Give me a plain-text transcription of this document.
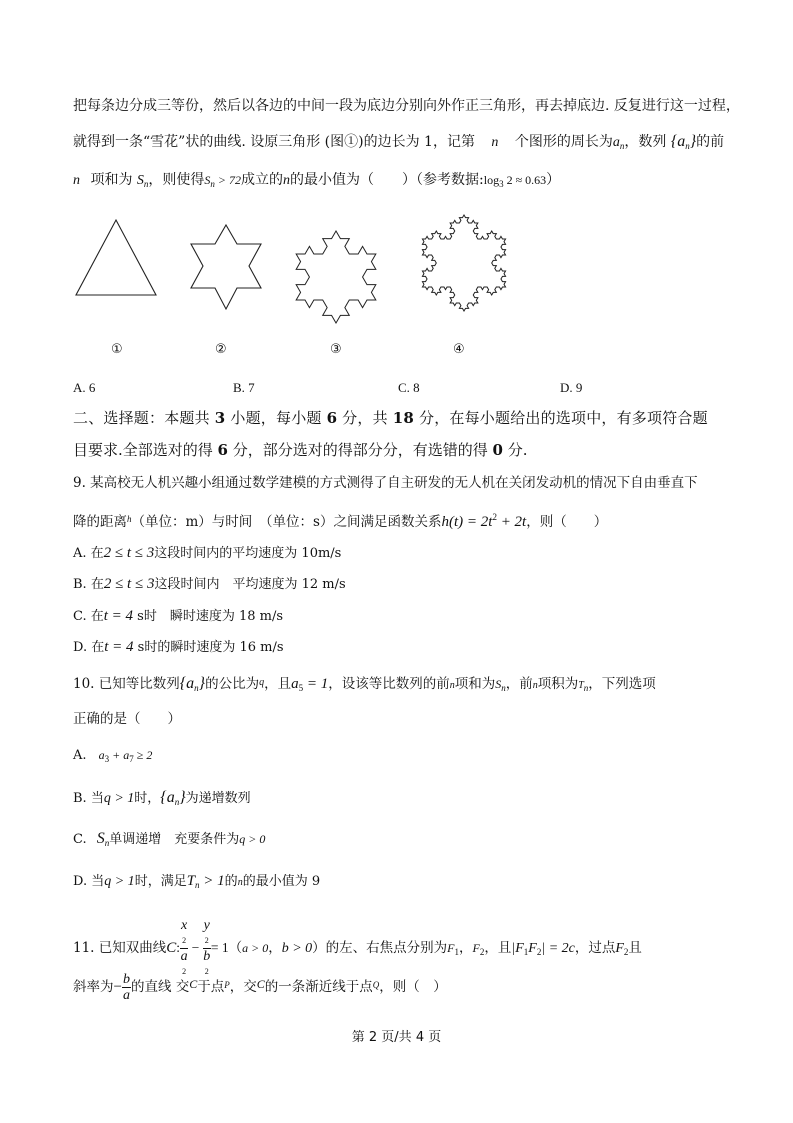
把每条边分成三等份，然后以各边的中间一段为底边分别向外作正三角形，再去掉底边. 反复进行这一过程，
就得到一条“雪花”状的曲线. 设原三角形 (图①)的边长为 1，记第 n 个图形的周长为$a_n$，数列 $\{a_n\}$的前
n 项和为 $S_n$，则使得$S_n > 72$成立的n的最小值为（　　）（参考数据$:\log_3$ 2 ≈ 0.63）
①	②	③	④
A. 6	B. 7	C. 8	D. 9
二、选择题：本题共 3 小题，每小题 6 分，共 18 分，在每小题给出的选项中，有多项符合题
目要求.全部选对的得 6 分，部分选对的得部分分，有选错的得 0 分.
9. 某高校无人机兴趣小组通过数学建模的方式测得了自主研发的无人机在关闭发动机的情况下自由垂直下
降的距离$^h$（单位：m）与时间　（单位：s）之间满足函数关系$h(t) = 2t^2 + 2t$，则（　　）
A. 在2 ≤ t ≤ 3这段时间内的平均速度为 10m/s
B. 在2 ≤ t ≤ 3这段时间内　平均速度为 12 m/s
C. 在t = 4 s时　瞬时速度为 18 m/s
D. 在t = 4 s时的瞬时速度为 16 m/s
10. 已知等比数列$\{a_n\}$的公比为$^q$，且$a_5 = 1$，设该等比数列的前n项和为$S_n$，前n项积为Tn，下列选项
正确的是（　　）
A. $a_3 + a_7 \ge 2$
B. 当q > 1时，$\{a_n\}$为递增数列
C. $S_n$单调递增　充要条件为q > 0
D. 当q > 1时，满足$T_n > 1$的n的最小值为 9
11. 已知双曲线C: x
2
a
2 − y
2
b
2 = 1（a > 0，b > 0）的左、右焦点分别为$F_1$，$F_2$，且$|F_1F_2| = 2c$，过点$F_2$且
斜率为− $\frac{b}{a}$ 的直线 交C于点$^P$，交C的一条渐近线于点$^Q$，则（　）
第 2 页/共 4 页
